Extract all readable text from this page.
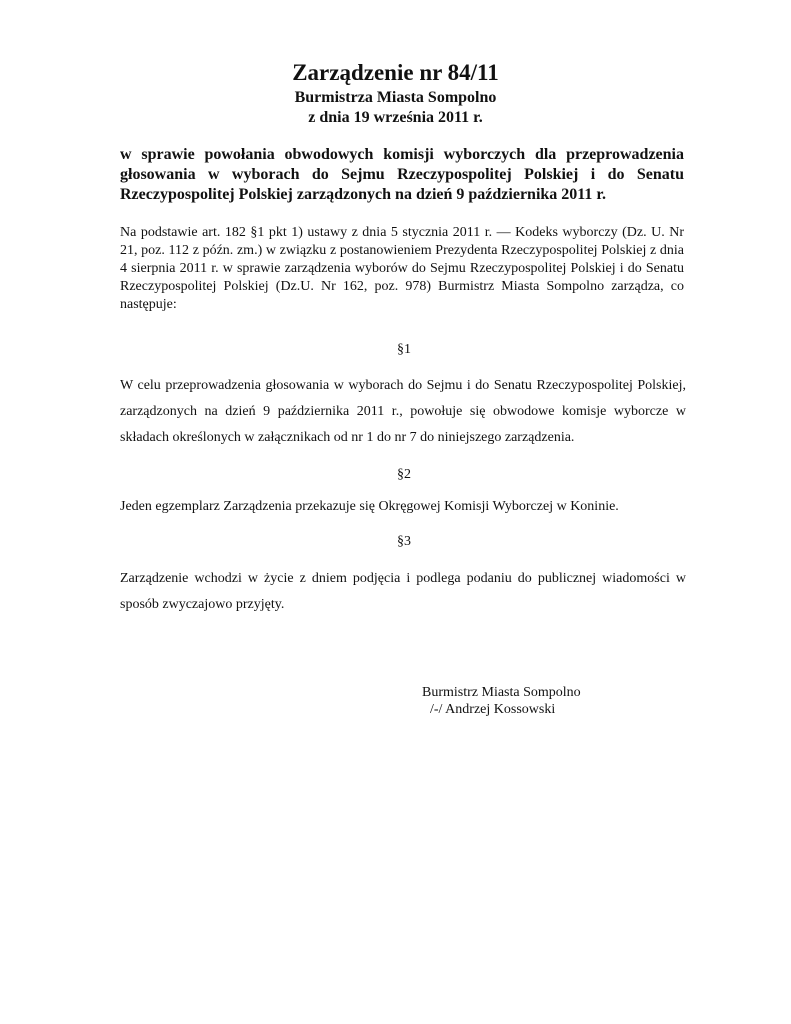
Zarządzenie nr 84/11

Burmistrza Miasta Sompolno

z dnia 19 września 2011 r.

w sprawie powołania obwodowych komisji wyborczych dla przeprowadzenia głosowania w wyborach do Sejmu Rzeczypospolitej Polskiej i do Senatu Rzeczypospolitej Polskiej zarządzonych na dzień 9 października 2011 r.

Na podstawie art. 182 §1 pkt 1) ustawy z dnia 5 stycznia 2011 r. — Kodeks wyborczy (Dz. U. Nr 21, poz. 112 z późn. zm.) w związku z postanowieniem Prezydenta Rzeczypospolitej Polskiej z dnia 4 sierpnia 2011 r. w sprawie zarządzenia wyborów do Sejmu Rzeczypospolitej Polskiej i do Senatu Rzeczypospolitej Polskiej (Dz.U. Nr 162, poz. 978) Burmistrz Miasta Sompolno zarządza, co następuje:

§1

W celu przeprowadzenia głosowania w wyborach do Sejmu i do Senatu Rzeczypospolitej Polskiej, zarządzonych na dzień 9 października 2011 r., powołuje się obwodowe komisje wyborcze w składach określonych w załącznikach od nr 1 do nr 7 do niniejszego zarządzenia.

§2

Jeden egzemplarz Zarządzenia przekazuje się Okręgowej Komisji Wyborczej w Koninie.

§3

Zarządzenie wchodzi w życie z dniem podjęcia i podlega podaniu do publicznej wiadomości w sposób zwyczajowo przyjęty.

Burmistrz Miasta Sompolno
/-/ Andrzej Kossowski
